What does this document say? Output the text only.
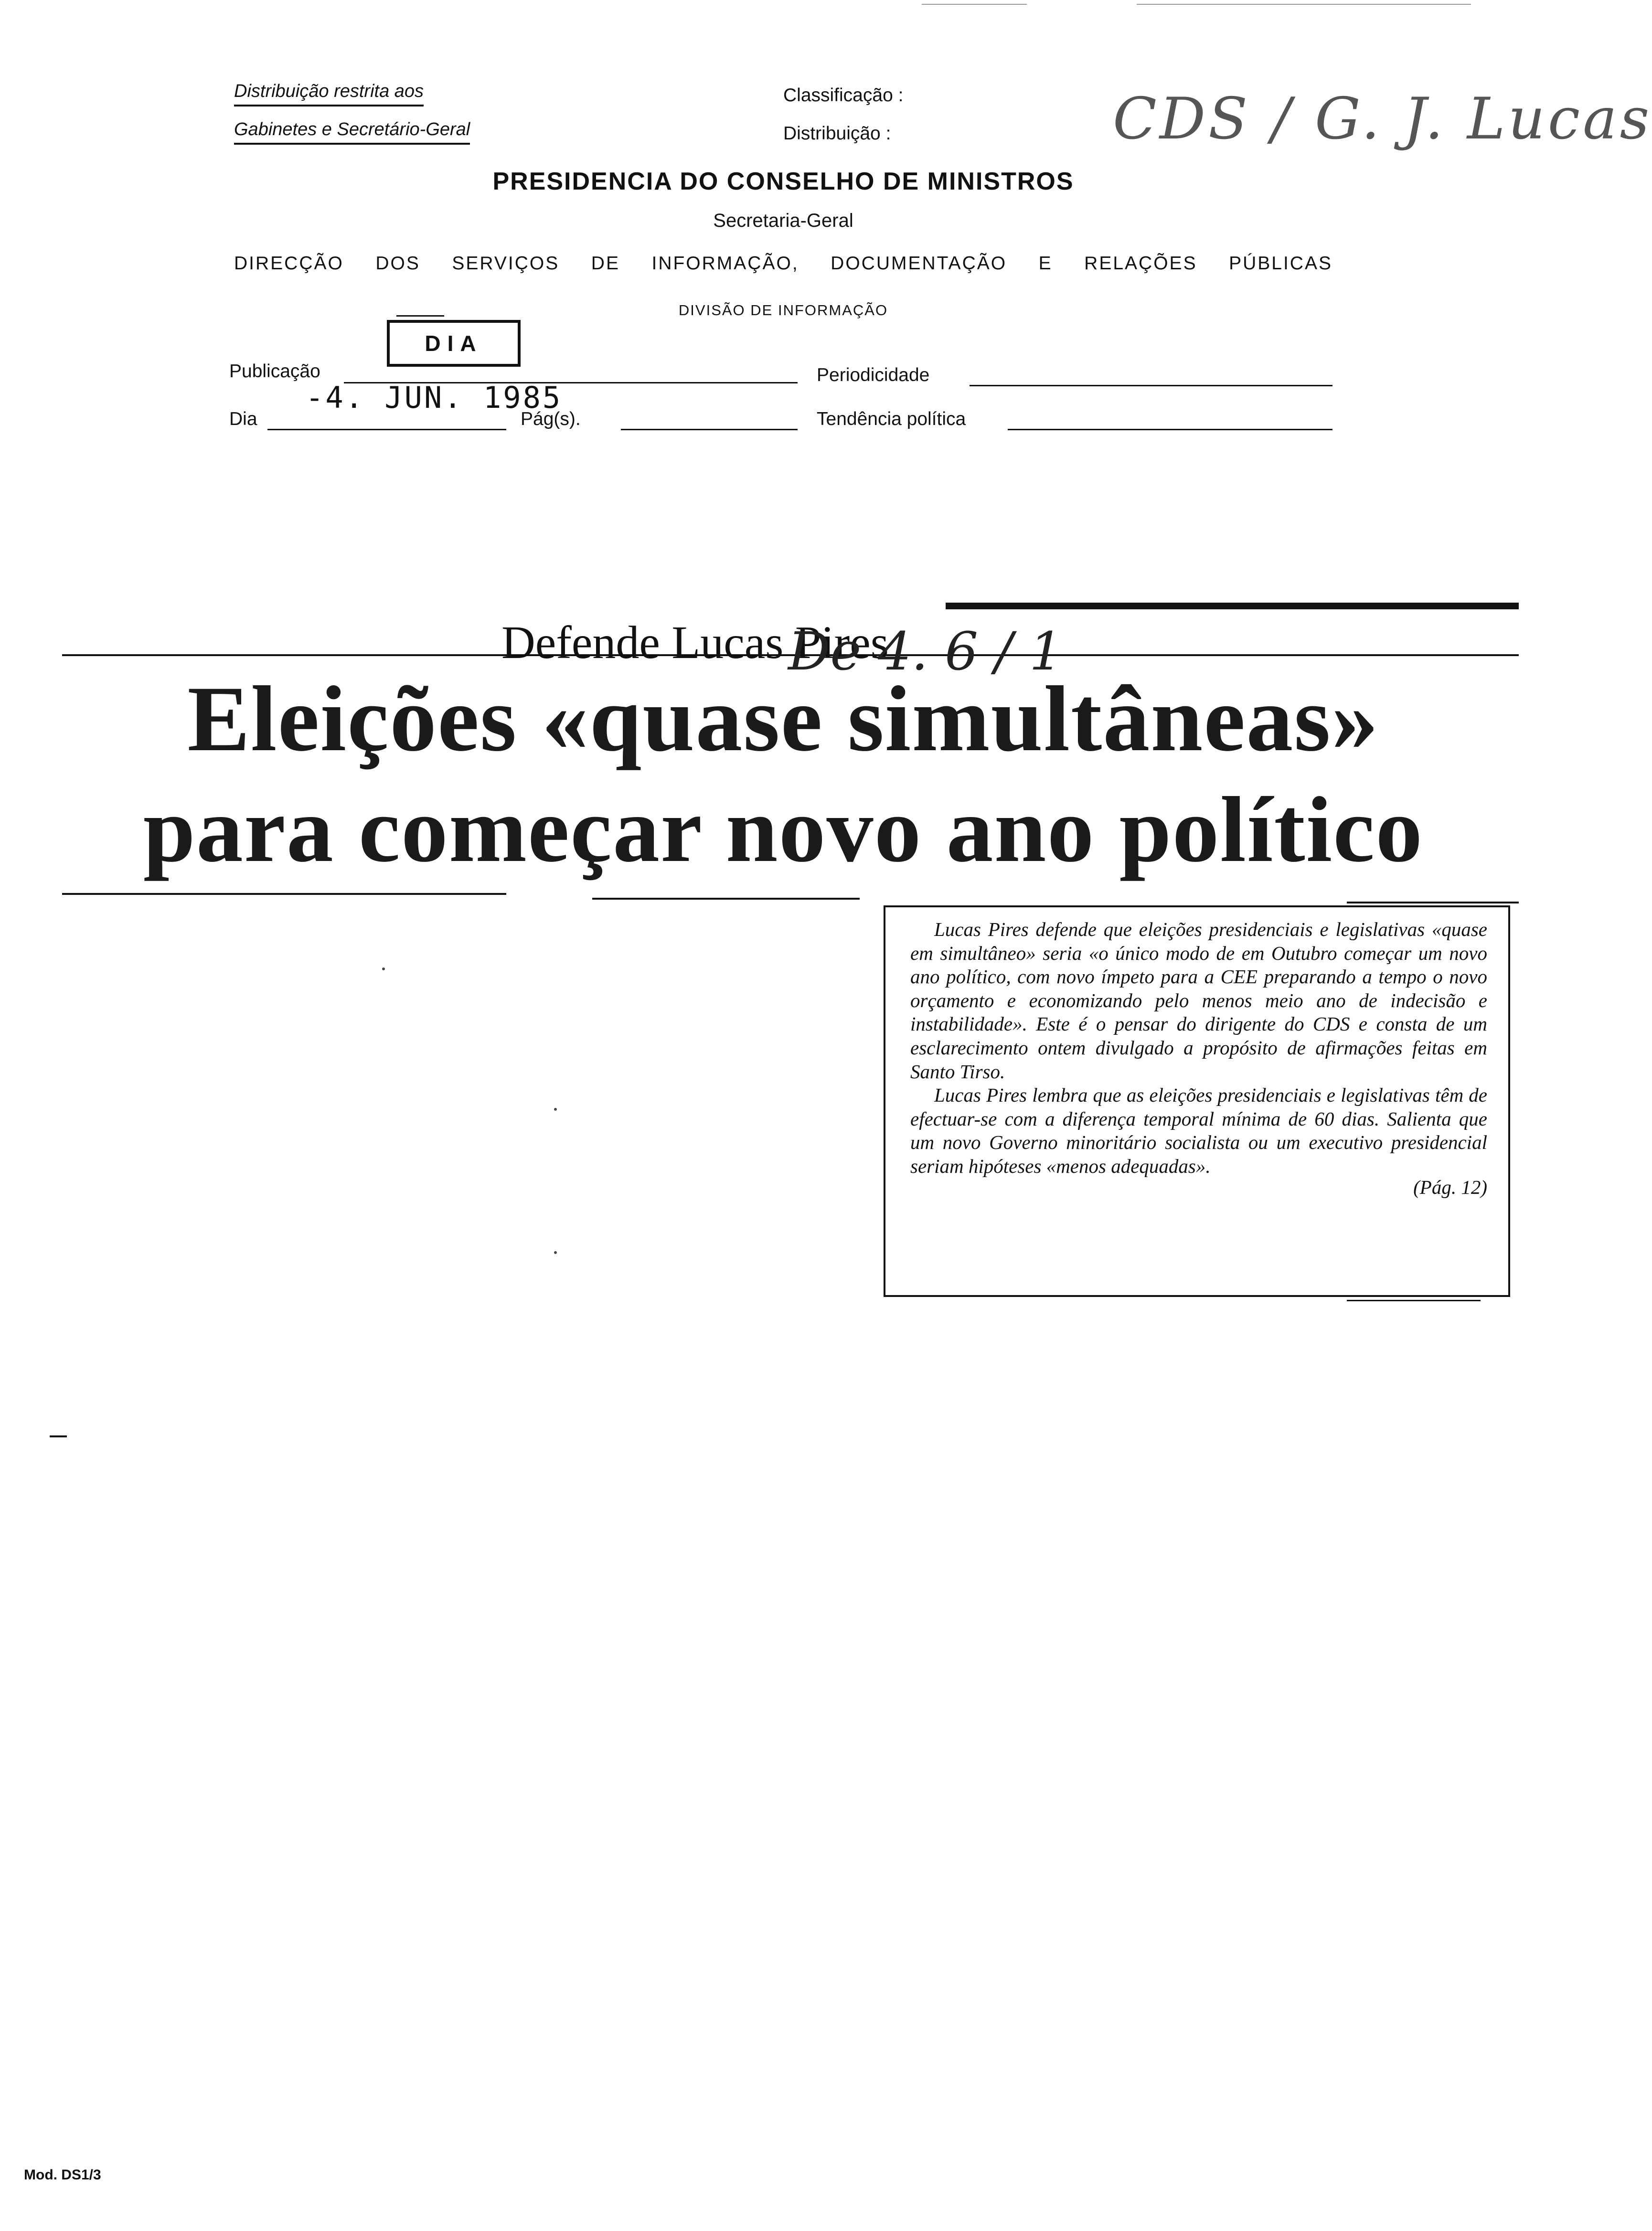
Distribuição restrita aos
Gabinetes e Secretário-Geral
Classificação :
Distribuição :	CDS / G. J. Lucas
PRESIDENCIA DO CONSELHO DE MINISTROS
Secretaria-Geral
DIRECÇÃO DOS SERVIÇOS DE INFORMAÇÃO, DOCUMENTAÇÃO E RELAÇÕES PÚBLICAS
DIVISÃO DE INFORMAÇÃO
DIA
Publicação	Periodicidade
Dia
-4. JUN. 1985
Pág(s).	Tendência política
Defende Lucas Pires
De 4. 6 / 1
Eleições «quase simultâneas»
para começar novo ano político

Lucas Pires defende que eleições presidenciais e legislativas «quase em simultâneo» seria «o único modo de em Outubro começar um novo ano político, com novo ímpeto para a CEE preparando a tempo o novo orçamento e economizando pelo menos meio ano de indecisão e instabilidade». Este é o pensar do dirigente do CDS e consta de um esclarecimento ontem divulgado a propósito de afirmações feitas em Santo Tirso.

Lucas Pires lembra que as eleições presidenciais e legislativas têm de efectuar-se com a diferença temporal mínima de 60 dias. Salienta que um novo Governo minoritário socialista ou um executivo presidencial seriam hipóteses «menos adequadas».

(Pág. 12)
Mod. DS1/3
